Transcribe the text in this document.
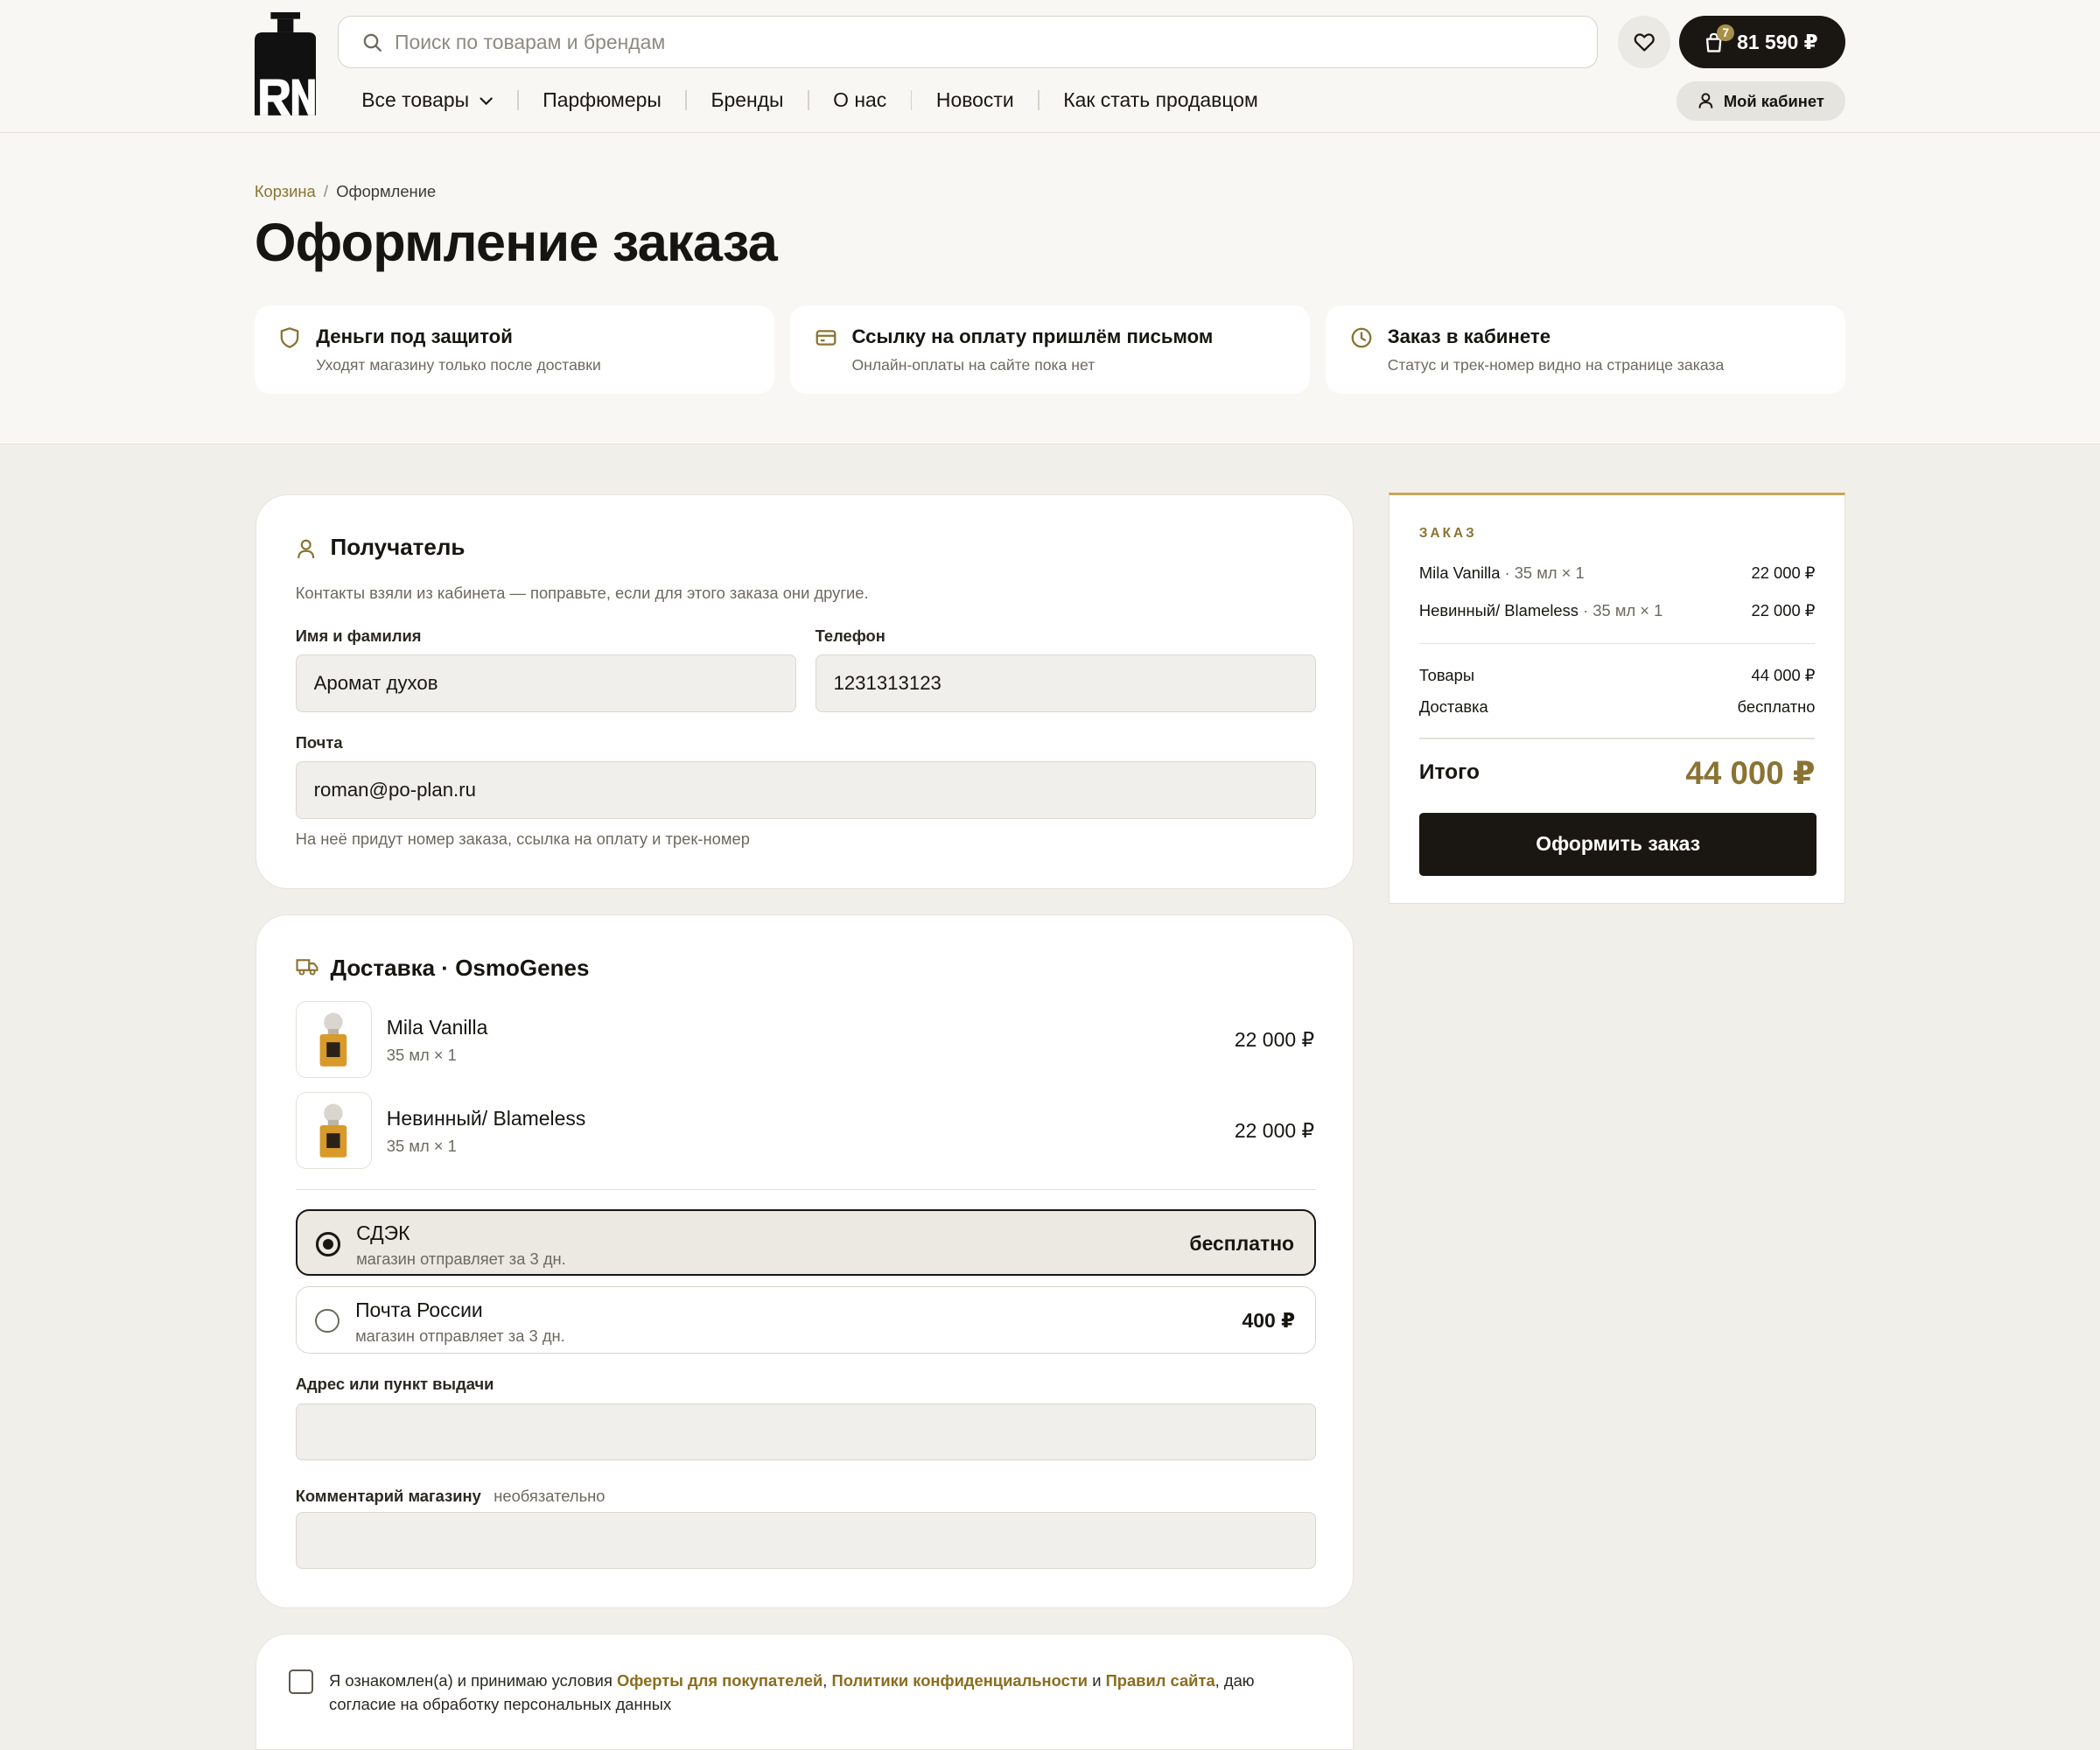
Поиск по товарам и брендам
7 81 590 ₽
Все товары	Парфюмеры	Бренды	О нас	Новости	Как стать продавцом	Мой кабинет
Корзина / Оформление
Оформление заказа
Деньги под защитой
Уходят магазину только после доставки
Ссылку на оплату пришлём письмом
Онлайн-оплаты на сайте пока нет
Заказ в кабинете
Статус и трек-номер видно на странице заказа
Получатель
Контакты взяли из кабинета — поправьте, если для этого заказа они другие.
Имя и фамилия	Телефон
Аромат духов
1231313123
Почта
roman@po-plan.ru
На неё придут номер заказа, ссылка на оплату и трек-номер
Доставка · OsmoGenes
Mila Vanilla
35 мл × 1
22 000 ₽
Невинный/ Blameless
35 мл × 1
22 000 ₽
СДЭК
магазин отправляет за 3 дн.
бесплатно
Почта России
магазин отправляет за 3 дн.
400 ₽
Адрес или пункт выдачи
Комментарий магазину необязательно
Я ознакомлен(а) и принимаю условия Оферты для покупателей, Политики конфиденциальности и Правил сайта, даю согласие на обработку персональных данных
ЗАКАЗ
Mila Vanilla · 35 мл × 1	22 000 ₽
Невинный/ Blameless · 35 мл × 1	22 000 ₽
Товары	44 000 ₽
Доставка	бесплатно
Итого	44 000 ₽
Оформить заказ
